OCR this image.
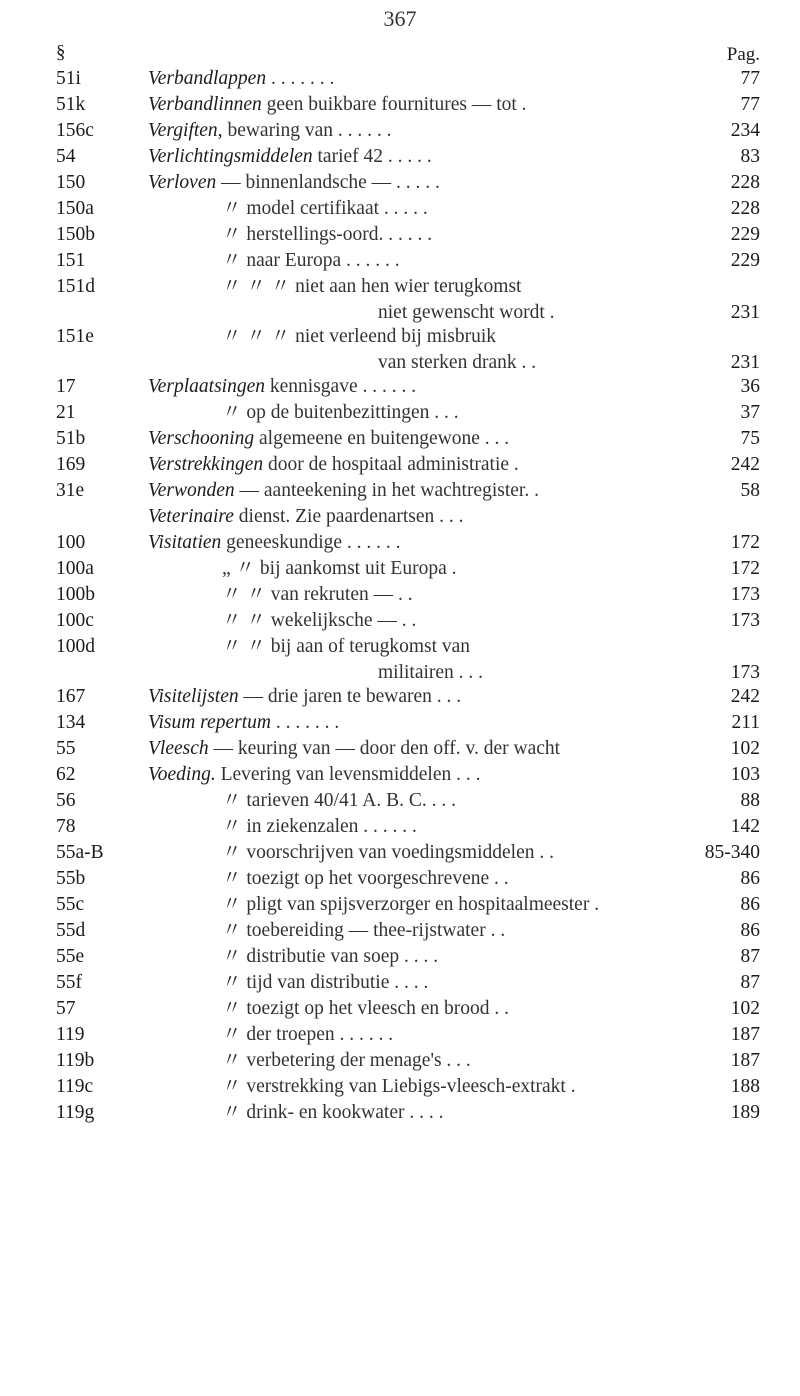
367
§	Pag.
51i	Verbandlappen . . . . . . .	77
51k	Verbandlinnen geen buikbare fournitures — tot .	77
156c	Vergiften, bewaring van . . . . . .	234
54	Verlichtingsmiddelen tarief 42 . . . . .	83
150	Verloven — binnenlandsche — . . . . .	228
150a	〃 model certifikaat . . . . .	228
150b	〃 herstellings-oord. . . . . .	229
151	〃 naar Europa . . . . . .	229
151d	〃 〃 〃 niet aan hen wier terugkomst
niet gewenscht wordt .	231
151e	〃 〃 〃 niet verleend bij misbruik
van sterken drank . .	231
17	Verplaatsingen kennisgave . . . . . .	36
21	〃 op de buitenbezittingen . . .	37
51b	Verschooning algemeene en buitengewone . . .	75
169	Verstrekkingen door de hospitaal administratie .	242
31e	Verwonden — aanteekening in het wachtregister. .	58
Veterinaire dienst. Zie paardenartsen . . .
100	Visitatien geneeskundige . . . . . .	172
100a	„ 〃 bij aankomst uit Europa .	172
100b	〃 〃 van rekruten — . .	173
100c	〃 〃 wekelijksche — . .	173
100d	〃 〃 bij aan of terugkomst van
militairen . . .	173
167	Visitelijsten — drie jaren te bewaren . . .	242
134	Visum repertum . . . . . . .	211
55	Vleesch — keuring van — door den off. v. der wacht	102
62	Voeding. Levering van levensmiddelen . . .	103
56	〃 tarieven 40/41 A. B. C. . . .	88
78	〃 in ziekenzalen . . . . . .	142
55a-B	〃 voorschrijven van voedingsmiddelen . .	85-340
55b	〃 toezigt op het voorgeschrevene . .	86
55c	〃 pligt van spijsverzorger en hospitaalmeester .	86
55d	〃 toebereiding — thee-rijstwater . .	86
55e	〃 distributie van soep . . . .	87
55f	〃 tijd van distributie . . . .	87
57	〃 toezigt op het vleesch en brood . .	102
119	〃 der troepen . . . . . .	187
119b	〃 verbetering der menage's . . .	187
119c	〃 verstrekking van Liebigs-vleesch-extrakt .	188
119g	〃 drink- en kookwater . . . .	189
